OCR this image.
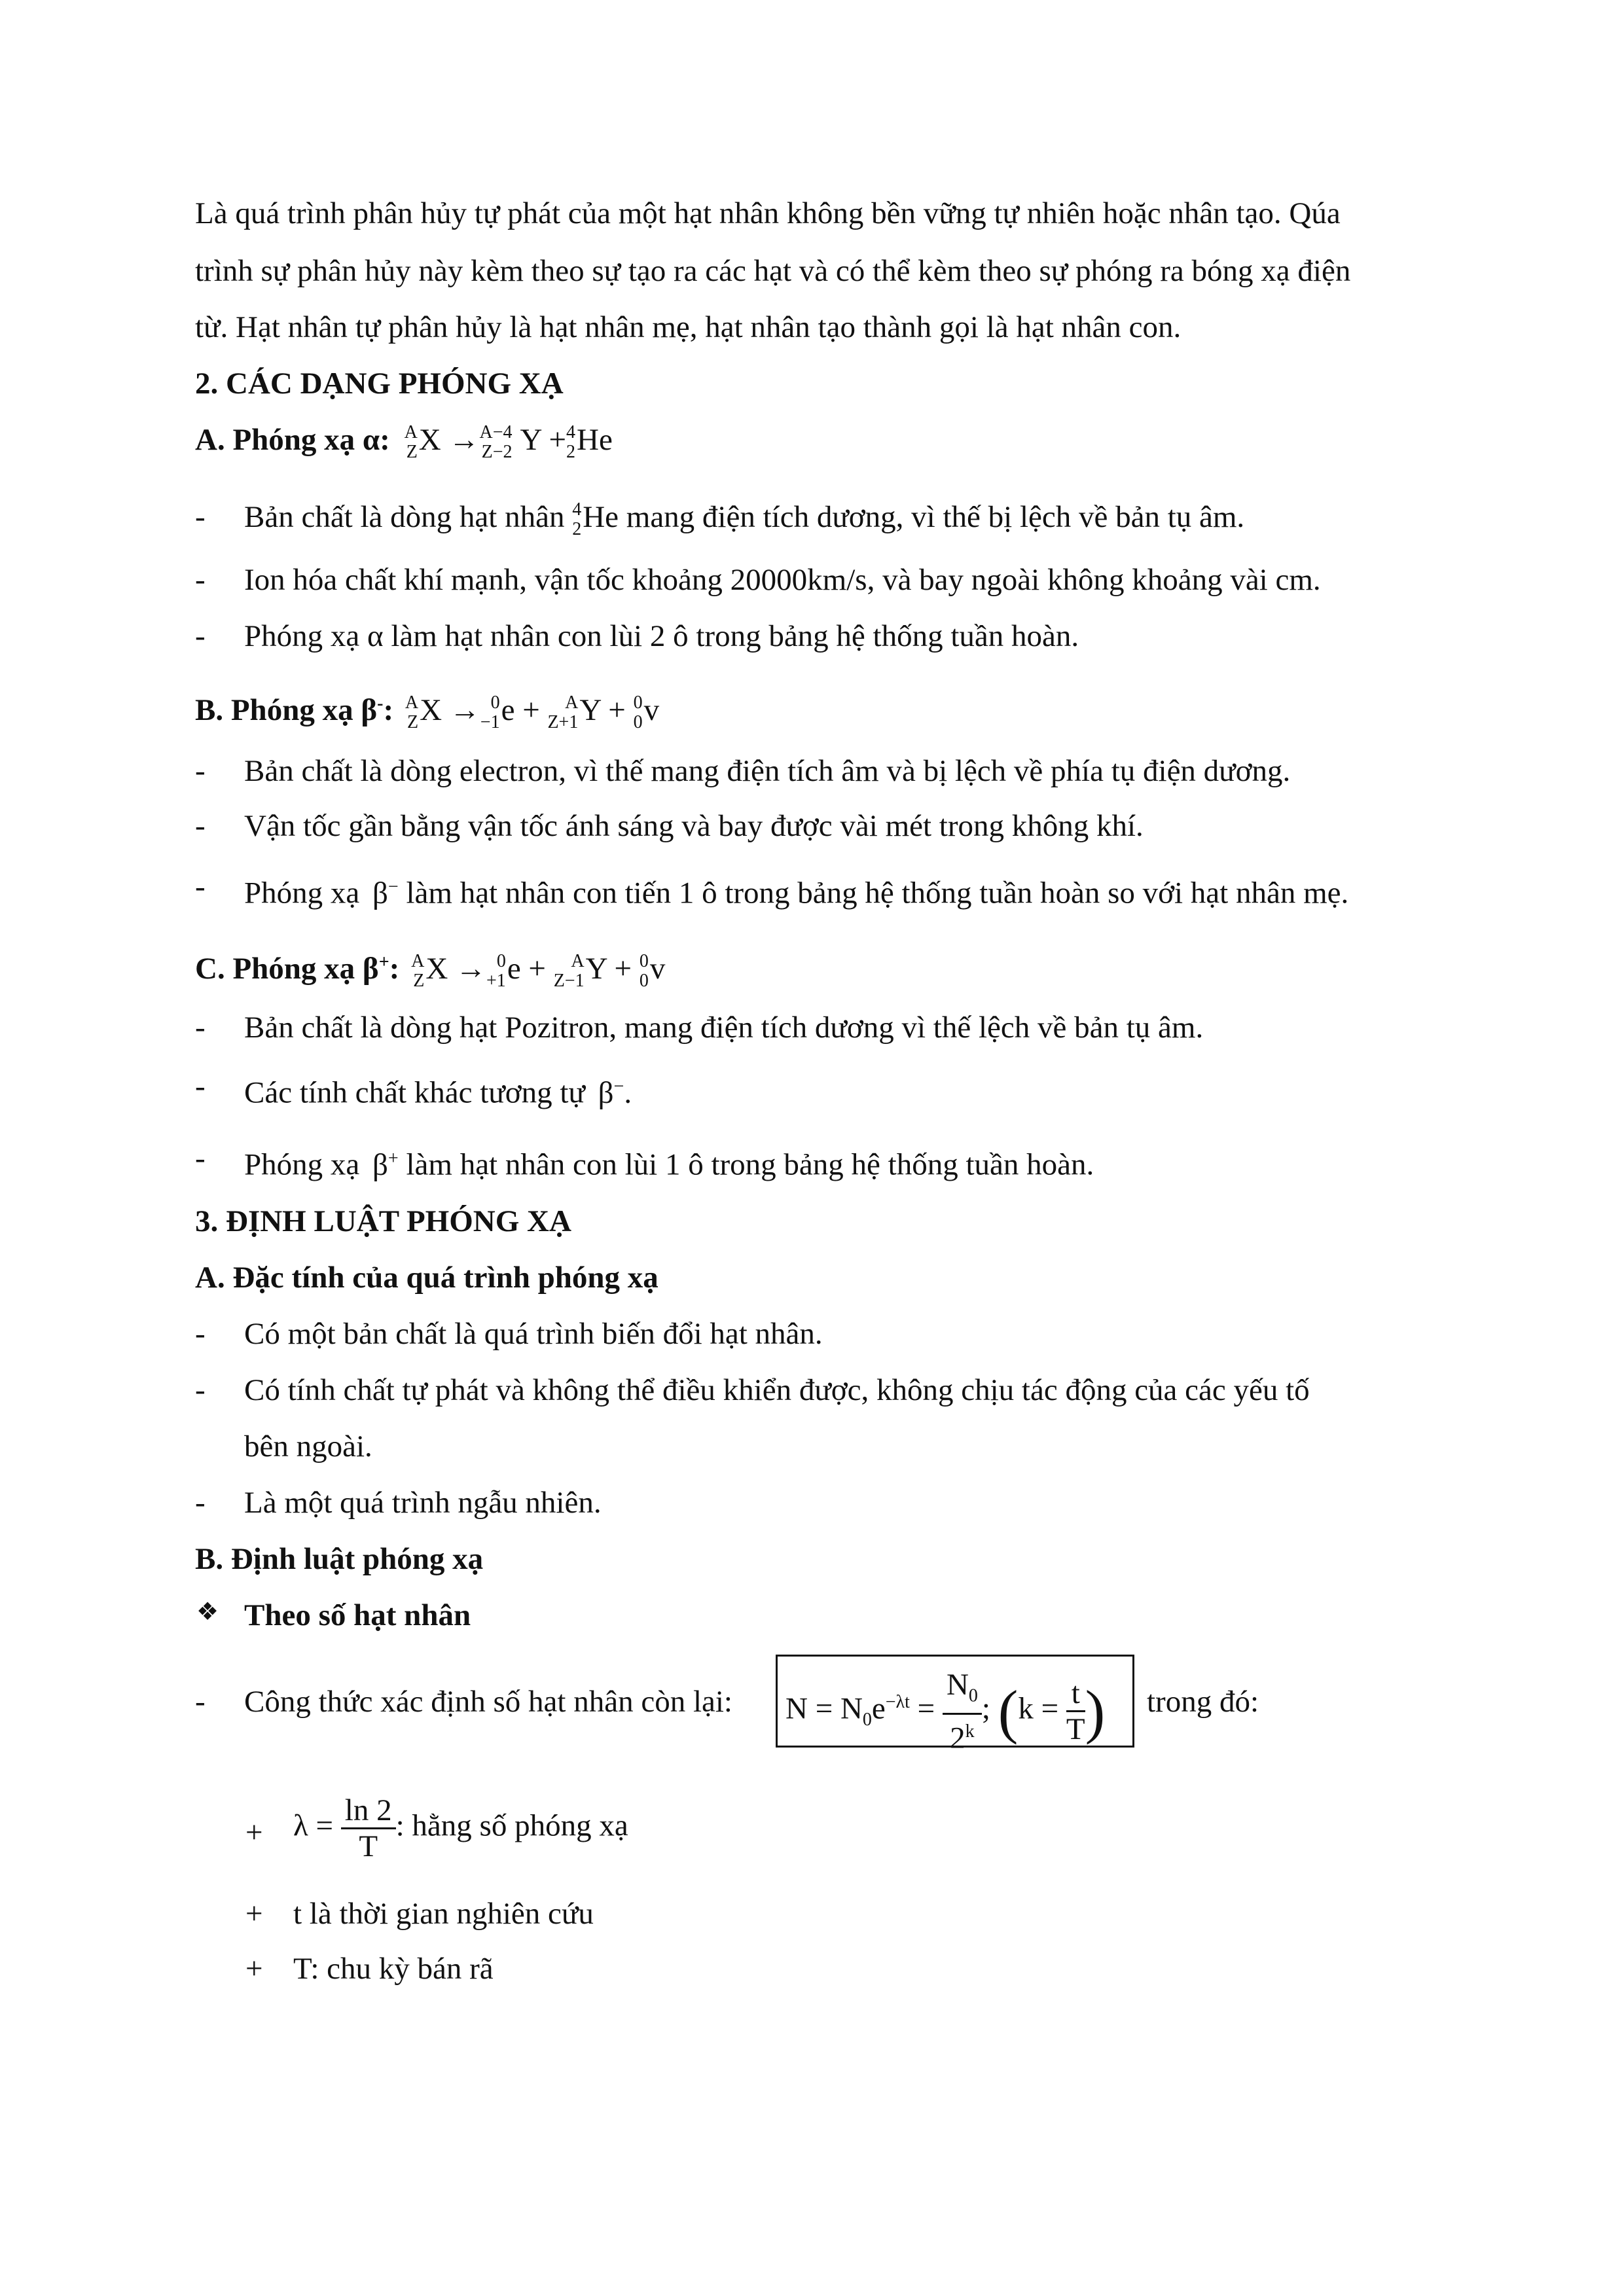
Là quá trình phân hủy tự phát của một hạt nhân không bền vững tự nhiên hoặc nhân tạo. Qúa
trình sự phân hủy này kèm theo sự tạo ra các hạt và có thể kèm theo sự phóng ra bóng xạ điện
từ. Hạt nhân tự phân hủy là hạt nhân mẹ, hạt nhân tạo thành gọi là hạt nhân con.
2. CÁC DẠNG PHÓNG XẠ
A. Phóng xạ α: A
Z X → A−4
Z−2 Y + 4
2 He
- Bản chất là dòng hạt nhân 4
2 He mang điện tích dương, vì thế bị lệch về bản tụ âm.
- Ion hóa chất khí mạnh, vận tốc khoảng 20000km/s, và bay ngoài không khoảng vài cm.
- Phóng xạ α làm hạt nhân con lùi 2 ô trong bảng hệ thống tuần hoàn.
B. Phóng xạ β-: A
Z X → 0
−1 e +	A
Z+1 Y + 0
0 v
- Bản chất là dòng electron, vì thế mang điện tích âm và bị lệch về phía tụ điện dương.
- Vận tốc gần bằng vận tốc ánh sáng và bay được vài mét trong không khí.
- Phóng xạ β− làm hạt nhân con tiến 1 ô trong bảng hệ thống tuần hoàn so với hạt nhân mẹ.
C. Phóng xạ β+: A
Z X → 0
+1 e +	A
Z−1 Y + 0
0 v
- Bản chất là dòng hạt Pozitron, mang điện tích dương vì thế lệch về bản tụ âm.
- Các tính chất khác tương tự β−.
- Phóng xạ β+ làm hạt nhân con lùi 1 ô trong bảng hệ thống tuần hoàn.
3. ĐỊNH LUẬT PHÓNG XẠ
A. Đặc tính của quá trình phóng xạ
- Có một bản chất là quá trình biến đổi hạt nhân.
- Có tính chất tự phát và không thể điều khiển được, không chịu tác động của các yếu tố
bên ngoài.
- Là một quá trình ngẫu nhiên.
B. Định luật phóng xạ
❖ Theo số hạt nhân
- Công thức xác định số hạt nhân còn lại: $N = N_0e^{-\lambda t} = \frac{N_0}{2^k}$ ; ($k = \frac{t}{T}$ ) trong đó:
+ $\lambda = \frac{\ln 2}{T}$ : hằng số phóng xạ
+ t là thời gian nghiên cứu
+ T: chu kỳ bán rã
